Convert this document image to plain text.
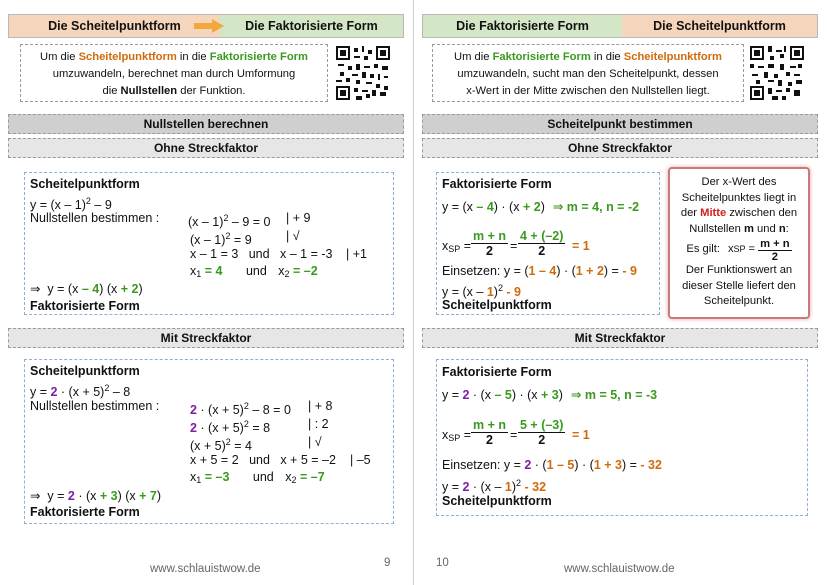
Die Scheitelpunktform	Die Faktorisierte Form
Um die Scheitelpunktform in die Faktorisierte Form
umzuwandeln, berechnet man durch Umformung
die Nullstellen der Funktion.
Nullstellen berechnen
Ohne Streckfaktor
Scheitelpunktform
y = (x – 1)$^2$ – 9
Nullstellen bestimmen : (x – 1)$^2$ – 9 = 0 | + 9
(x – 1)$^2$ = 9	| √
x – 1 = 3   und   x – 1 = -3 | +1
$x_1 = 4$ und $x_2 = -2$
⇒  y = (x – 4) (x + 2)
Faktorisierte Form
Mit Streckfaktor
Scheitelpunktform
$y = 2 \cdot (x + 5)^2 - 8$
Nullstellen bestimmen : $2 \cdot (x + 5)^2 - 8 = 0$ | + 8
$2 \cdot (x + 5)^2 = 8$	| : 2
$(x + 5)^2 = 4$	| √
x + 5 = 2   und   x + 5 = –2 | –5
$x_1 = -3$ und $x_2 = -7$
⇒  y = 2 · (x + 3) (x + 7)
Faktorisierte Form
www.schlauistwow.de	9
Die Faktorisierte Form	Die Scheitelpunktform
Um die Faktorisierte Form in die Scheitelpunktform
umzuwandeln, sucht man den Scheitelpunkt, dessen
x-Wert in der Mitte zwischen den Nullstellen liegt.
Scheitelpunkt bestimmen
Ohne Streckfaktor
Faktorisierte Form
y = (x – 4) · (x + 2) ⇒ m = 4, n = -2
$x_{SP} = \frac{m + n}{2} = \frac{4 + (-2)}{2} = 1$
Einsetzen: y = (1 – 4) · (1 + 2) = - 9
y = (x – 1)$^2$ - 9
Scheitelpunktform
Der x-Wert des
Scheitelpunktes liegt in
der Mitte zwischen den
Nullstellen m und n:
Es gilt: x SP = $\frac{m + n}{2}$
Der Funktionswert an
dieser Stelle liefert den
Scheitelpunkt.
Mit Streckfaktor
Faktorisierte Form
y = 2 · (x – 5) · (x + 3) ⇒ m = 5, n = -3
$x_{SP} = \frac{m + n}{2} = \frac{5 + (-3)}{2} = 1$
Einsetzen: y = 2 · (1 – 5) · (1 + 3) = - 32
y = 2 · (x – 1)$^2$ - 32
Scheitelpunktform
10	www.schlauistwow.de
